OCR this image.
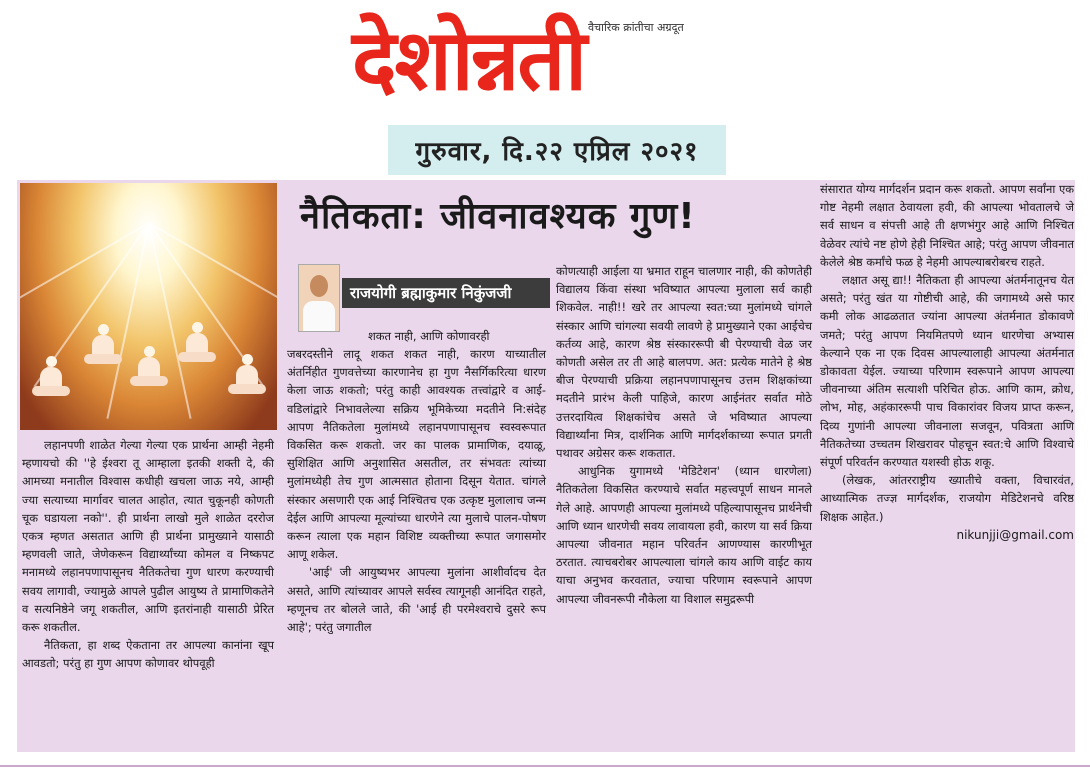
वैचारिक क्रांतीचा अग्रदूत
देशोन्नती
गुरुवार, दि.२२ एप्रिल २०२१
नैतिकता: जीवनावश्यक गुण!
राजयोगी ब्रह्माकुमार निकुंजजी

लहानपणी शाळेत गेल्या गेल्या एक प्रार्थना आम्ही नेहमी म्हणायचो की ''हे ईश्वरा तू आम्हाला इतकी शक्ती दे, की आमच्या मनातील विश्वास कधीही खचला जाऊ नये, आम्ही ज्या सत्याच्या मार्गावर चालत आहोत, त्यात चुकूनही कोणती चूक घडायला नको''. ही प्रार्थना लाखो मुले शाळेत दररोज एकत्र म्हणत असतात आणि ही प्रार्थना प्रामुख्याने यासाठी म्हणवली जाते, जेणेकरून विद्यार्थ्यांच्या कोमल व निष्कपट मनामध्ये लहानपणापासूनच नैतिकतेचा गुण धारण करण्याची सवय लागावी, ज्यामुळे आपले पुढील आयुष्य ते प्रामाणिकतेने व सत्यनिष्ठेने जगू शकतील, आणि इतरांनाही यासाठी प्रेरित करू शकतील.

नैतिकता, हा शब्द ऐकताना तर आपल्या कानांना खूप आवडतो; परंतु हा गुण आपण कोणावर थोपवूही

शकत नाही, आणि कोणावरही

जबरदस्तीने लादू शकत शकत नाही, कारण याच्यातील अंतर्निहीत गुणवत्तेच्या कारणानेच हा गुण नैसर्गिकरित्या धारण केला जाऊ शकतो; परंतु काही आवश्यक तत्त्वांद्वारे व आई-वडिलांद्वारे निभावलेल्या सक्रिय भूमिकेच्या मदतीने नि:संदेह आपण नैतिकतेला मुलांमध्ये लहानपणापासूनच स्वस्वरूपात विकसित करू शकतो. जर का पालक प्रामाणिक, दयाळू, सुशिक्षित आणि अनुशासित असतील, तर संभवतः त्यांच्या मुलांमध्येही तेच गुण आत्मसात होताना दिसून येतात. चांगले संस्कार असणारी एक आई निश्चितच एक उत्कृष्ट मुलालाच जन्म देईल आणि आपल्या मूल्यांच्या धारणेने त्या मुलाचे पालन-पोषण करून त्याला एक महान विशिष्ट व्यक्तीच्या रूपात जगासमोर आणू शकेल.

'आई' जी आयुष्यभर आपल्या मुलांना आशीर्वादच देत असते, आणि त्यांच्यावर आपले सर्वस्व त्यागूनही आनंदित राहते, म्हणूनच तर बोलले जाते, की 'आई ही परमेश्वराचे दुसरे रूप आहे'; परंतु जगातील

कोणत्याही आईला या भ्रमात राहून चालणार नाही, की कोणतेही विद्यालय किंवा संस्था भविष्यात आपल्या मुलाला सर्व काही शिकवेल. नाही!! खरे तर आपल्या स्वत:च्या मुलांमध्ये चांगले संस्कार आणि चांगल्या सवयी लावणे हे प्रामुख्याने एका आईचेच कर्तव्य आहे, कारण श्रेष्ठ संस्काररूपी बी पेरण्याची वेळ जर कोणती असेल तर ती आहे बालपण. अत: प्रत्येक मातेने हे श्रेष्ठ बीज पेरण्याची प्रक्रिया लहानपणापासूनच उत्तम शिक्षकांच्या मदतीने प्रारंभ केली पाहिजे, कारण आईनंतर सर्वात मोठे उत्तरदायित्व शिक्षकांचेच असते जे भविष्यात आपल्या विद्यार्थ्यांना मित्र, दार्शनिक आणि मार्गदर्शकाच्या रूपात प्रगती पथावर अग्रेसर करू शकतात.

आधुनिक युगामध्ये 'मेडिटेशन' (ध्यान धारणेला) नैतिकतेला विकसित करण्याचे सर्वात महत्त्वपूर्ण साधन मानले गेले आहे. आपणही आपल्या मुलांमध्ये पहिल्यापासूनच प्रार्थनेची आणि ध्यान धारणेची सवय लावायला हवी, कारण या सर्व क्रिया आपल्या जीवनात महान परिवर्तन आणण्यास कारणीभूत ठरतात. त्याचबरोबर आपल्याला चांगले काय आणि वाईट काय याचा अनुभव करवतात, ज्याचा परिणाम स्वरूपाने आपण आपल्या जीवनरूपी नौकेला या विशाल समुद्ररूपी

संसारात योग्य मार्गदर्शन प्रदान करू शकतो. आपण सर्वांना एक गोष्ट नेहमी लक्षात ठेवायला हवी, की आपल्या भोवतालचे जे सर्व साधन व संपत्ती आहे ती क्षणभंगुर आहे आणि निश्चित वेळेवर त्यांचे नष्ट होणे हेही निश्चित आहे; परंतु आपण जीवनात केलेले श्रेष्ठ कर्मांचे फळ हे नेहमी आपल्याबरोबरच राहते.

लक्षात असू द्या!! नैतिकता ही आपल्या अंतर्मनातूनच येत असते; परंतु खंत या गोष्टीची आहे, की जगामध्ये असे फार कमी लोक आढळतात ज्यांना आपल्या अंतर्मनात डोकावणे जमते; परंतु आपण नियमितपणे ध्यान धारणेचा अभ्यास केल्याने एक ना एक दिवस आपल्यालाही आपल्या अंतर्मनात डोकावता येईल. ज्याच्या परिणाम स्वरूपाने आपण आपल्या जीवनाच्या अंतिम सत्याशी परिचित होऊ. आणि काम, क्रोध, लोभ, मोह, अहंकाररूपी पाच विकारांवर विजय प्राप्त करून, दिव्य गुणांनी आपल्या जीवनाला सजवून, पवित्रता आणि नैतिकतेच्या उच्चतम शिखरावर पोहचून स्वत:चे आणि विश्वाचे संपूर्ण परिवर्तन करण्यात यशस्वी होऊ शकू.

(लेखक, आंतरराष्ट्रीय ख्यातीचे वक्ता, विचारवंत, आध्यात्मिक तज्ज्ञ मार्गदर्शक, राजयोग मेडिटेशनचे वरिष्ठ शिक्षक आहेत.)

nikunjji@gmail.com
